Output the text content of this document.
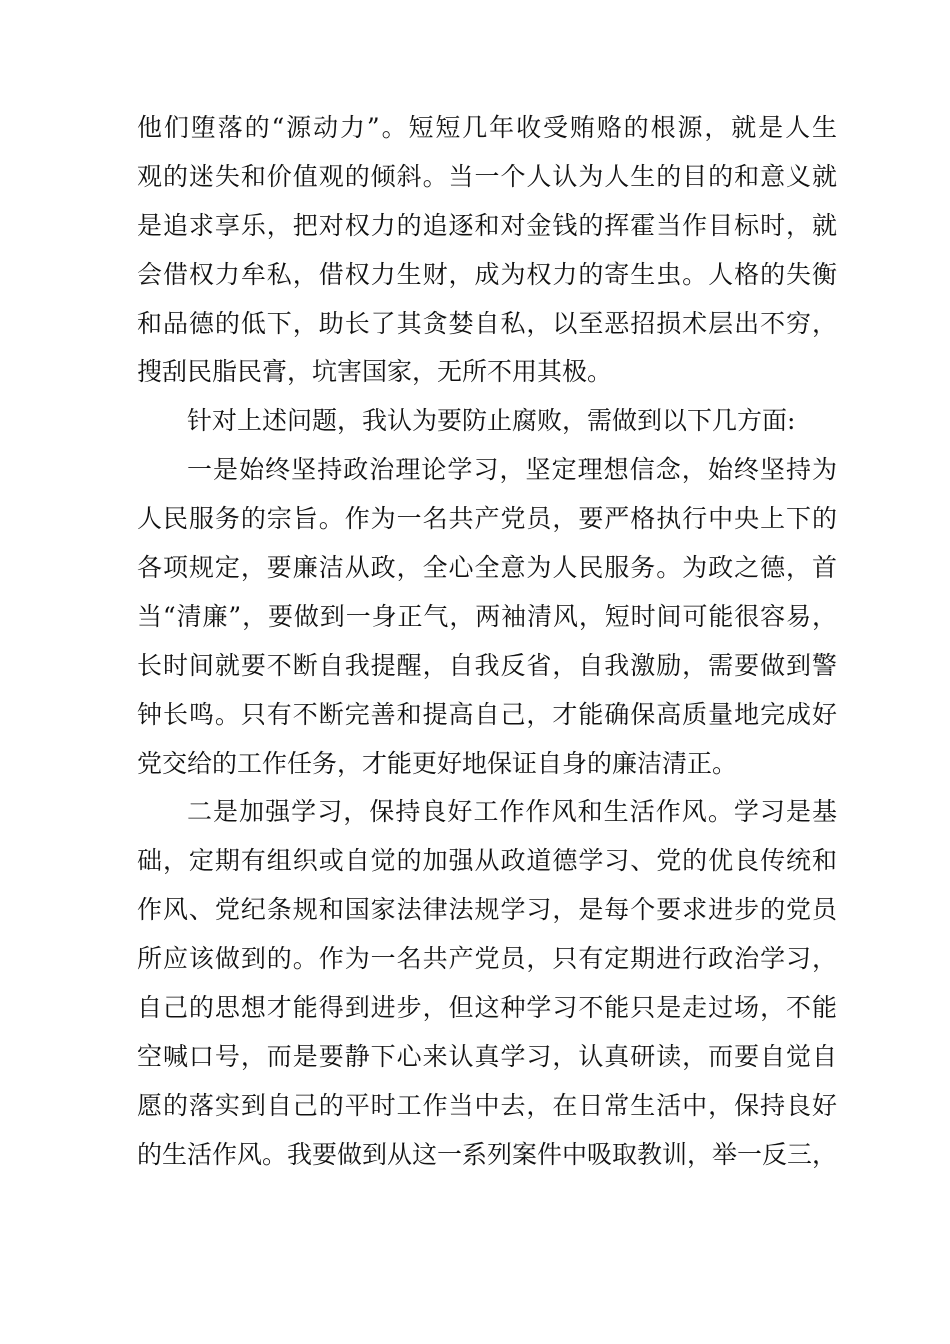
他们堕落的“源动力”。短短几年收受贿赂的根源，就是人生
观的迷失和价值观的倾斜。当一个人认为人生的目的和意义就
是追求享乐，把对权力的追逐和对金钱的挥霍当作目标时，就
会借权力牟私，借权力生财，成为权力的寄生虫。人格的失衡
和品德的低下，助长了其贪婪自私，以至恶招损术层出不穷，
搜刮民脂民膏，坑害国家，无所不用其极。
针对上述问题，我认为要防止腐败，需做到以下几方面:
一是始终坚持政治理论学习，坚定理想信念，始终坚持为
人民服务的宗旨。作为一名共产党员，要严格执行中央上下的
各项规定，要廉洁从政，全心全意为人民服务。为政之德，首
当“清廉”，要做到一身正气，两袖清风，短时间可能很容易，
长时间就要不断自我提醒，自我反省，自我激励，需要做到警
钟长鸣。只有不断完善和提高自己，才能确保高质量地完成好
党交给的工作任务，才能更好地保证自身的廉洁清正。
二是加强学习，保持良好工作作风和生活作风。学习是基
础，定期有组织或自觉的加强从政道德学习、党的优良传统和
作风、党纪条规和国家法律法规学习，是每个要求进步的党员
所应该做到的。作为一名共产党员，只有定期进行政治学习，
自己的思想才能得到进步，但这种学习不能只是走过场，不能
空喊口号，而是要静下心来认真学习，认真研读，而要自觉自
愿的落实到自己的平时工作当中去，在日常生活中，保持良好
的生活作风。我要做到从这一系列案件中吸取教训，举一反三，
